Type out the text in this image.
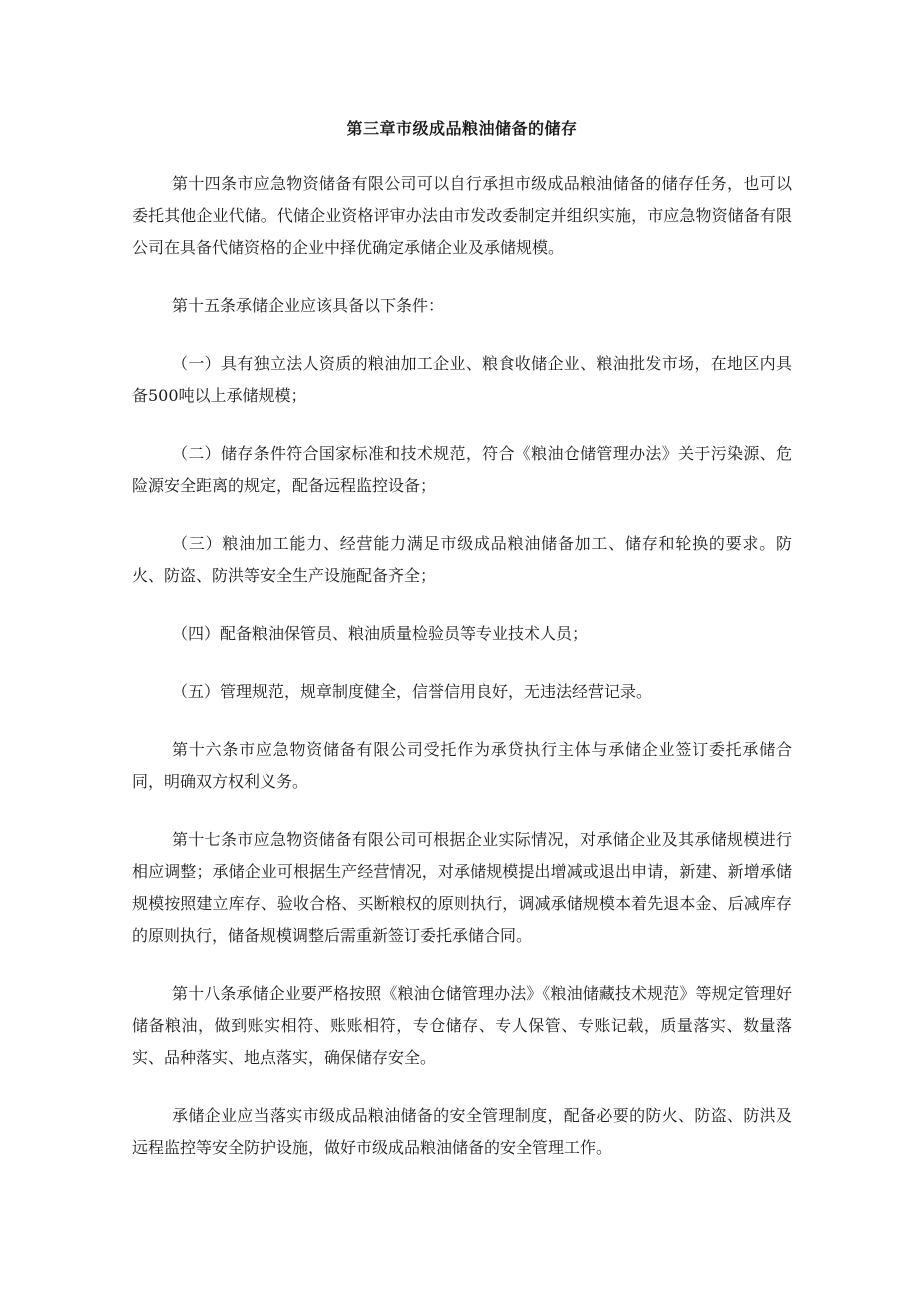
第三章市级成品粮油储备的储存

第十四条市应急物资储备有限公司可以自行承担市级成品粮油储备的储存任务，也可以委托其他企业代储。代储企业资格评审办法由市发改委制定并组织实施，市应急物资储备有限公司在具备代储资格的企业中择优确定承储企业及承储规模。

第十五条承储企业应该具备以下条件：

（一）具有独立法人资质的粮油加工企业、粮食收储企业、粮油批发市场，在地区内具备500吨以上承储规模；

（二）储存条件符合国家标准和技术规范，符合《粮油仓储管理办法》关于污染源、危险源安全距离的规定，配备远程监控设备；

（三）粮油加工能力、经营能力满足市级成品粮油储备加工、储存和轮换的要求。防火、防盗、防洪等安全生产设施配备齐全；

（四）配备粮油保管员、粮油质量检验员等专业技术人员；

（五）管理规范，规章制度健全，信誉信用良好，无违法经营记录。

第十六条市应急物资储备有限公司受托作为承贷执行主体与承储企业签订委托承储合同，明确双方权利义务。

第十七条市应急物资储备有限公司可根据企业实际情况，对承储企业及其承储规模进行相应调整；承储企业可根据生产经营情况，对承储规模提出增减或退出申请，新建、新增承储规模按照建立库存、验收合格、买断粮权的原则执行，调减承储规模本着先退本金、后减库存的原则执行，储备规模调整后需重新签订委托承储合同。

第十八条承储企业要严格按照《粮油仓储管理办法》《粮油储藏技术规范》等规定管理好储备粮油，做到账实相符、账账相符，专仓储存、专人保管、专账记载，质量落实、数量落实、品种落实、地点落实，确保储存安全。

承储企业应当落实市级成品粮油储备的安全管理制度，配备必要的防火、防盗、防洪及远程监控等安全防护设施，做好市级成品粮油储备的安全管理工作。
